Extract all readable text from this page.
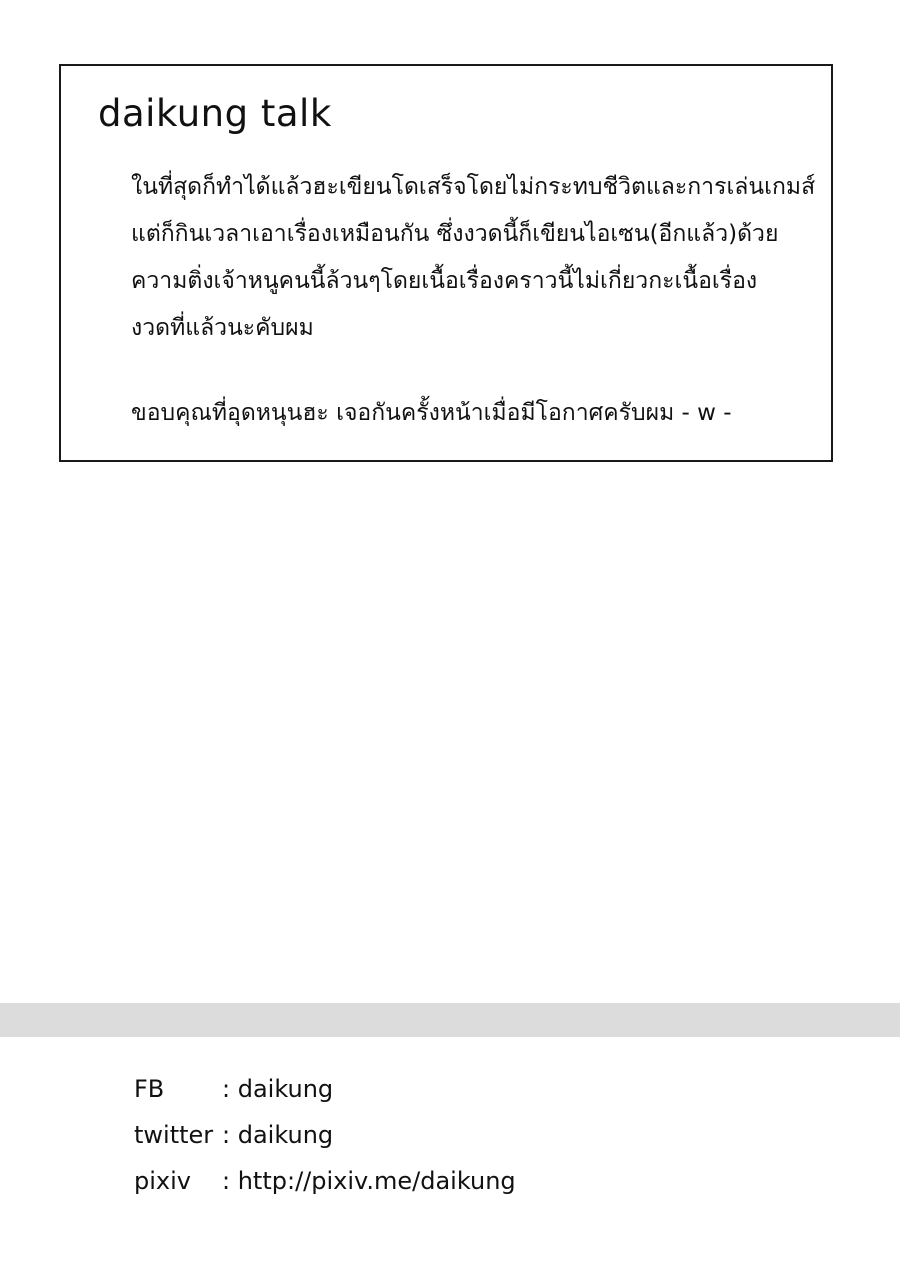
daikung talk
ในที่สุดก็ทำได้แล้วฮะเขียนโดเสร็จโดยไม่กระทบชีวิตและการเล่นเกมส์
แต่ก็กินเวลาเอาเรื่องเหมือนกัน ซึ่งงวดนี้ก็เขียนไอเซน(อีกแล้ว)ด้วย
ความติ่งเจ้าหนูคนนี้ล้วนๆโดยเนื้อเรื่องคราวนี้ไม่เกี่ยวกะเนื้อเรื่อง
งวดที่แล้วนะคับผม
ขอบคุณที่อุดหนุนฮะ เจอกันครั้งหน้าเมื่อมีโอกาศครับผม - w -
FB	: daikung
twitter : daikung
pixiv	: http://pixiv.me/daikung
